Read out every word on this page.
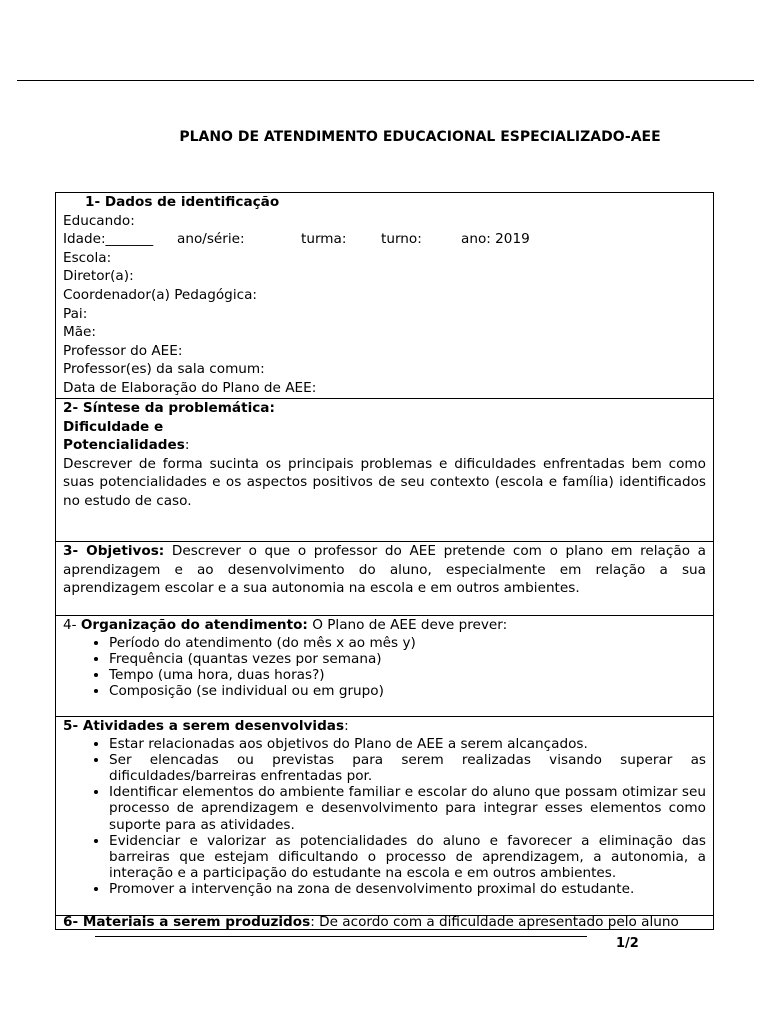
PLANO DE ATENDIMENTO EDUCACIONAL ESPECIALIZADO-AEE
1- Dados de identificação
Educando:
Idade:_______ ano/série:	turma:	turno:	ano: 2019
Escola:
Diretor(a):
Coordenador(a) Pedagógica:
Pai:
Mãe:
Professor do AEE:
Professor(es) da sala comum:
Data de Elaboração do Plano de AEE:
2- Síntese da problemática:
Dificuldade e
Potencialidades:
Descrever de forma sucinta os principais problemas e dificuldades enfrentadas bem como suas potencialidades e os aspectos positivos de seu contexto (escola e família) identificados no estudo de caso.
3- Objetivos: Descrever o que o professor do AEE pretende com o plano em relação a aprendizagem e ao desenvolvimento do aluno, especialmente em relação a sua aprendizagem escolar e a sua autonomia na escola e em outros ambientes.
4- Organização do atendimento: O Plano de AEE deve prever:
• Período do atendimento (do mês x ao mês y)
• Frequência (quantas vezes por semana)
• Tempo (uma hora, duas horas?)
• Composição (se individual ou em grupo)
5- Atividades a serem desenvolvidas:
• Estar relacionadas aos objetivos do Plano de AEE a serem alcançados.
• Ser elencadas ou previstas para serem realizadas visando superar as dificuldades/barreiras enfrentadas por.
• Identificar elementos do ambiente familiar e escolar do aluno que possam otimizar seu processo de aprendizagem e desenvolvimento para integrar esses elementos como suporte para as atividades.
• Evidenciar e valorizar as potencialidades do aluno e favorecer a eliminação das barreiras que estejam dificultando o processo de aprendizagem, a autonomia, a interação e a participação do estudante na escola e em outros ambientes.
• Promover a intervenção na zona de desenvolvimento proximal do estudante.
6- Materiais a serem produzidos: De acordo com a dificuldade apresentado pelo aluno
1/2
